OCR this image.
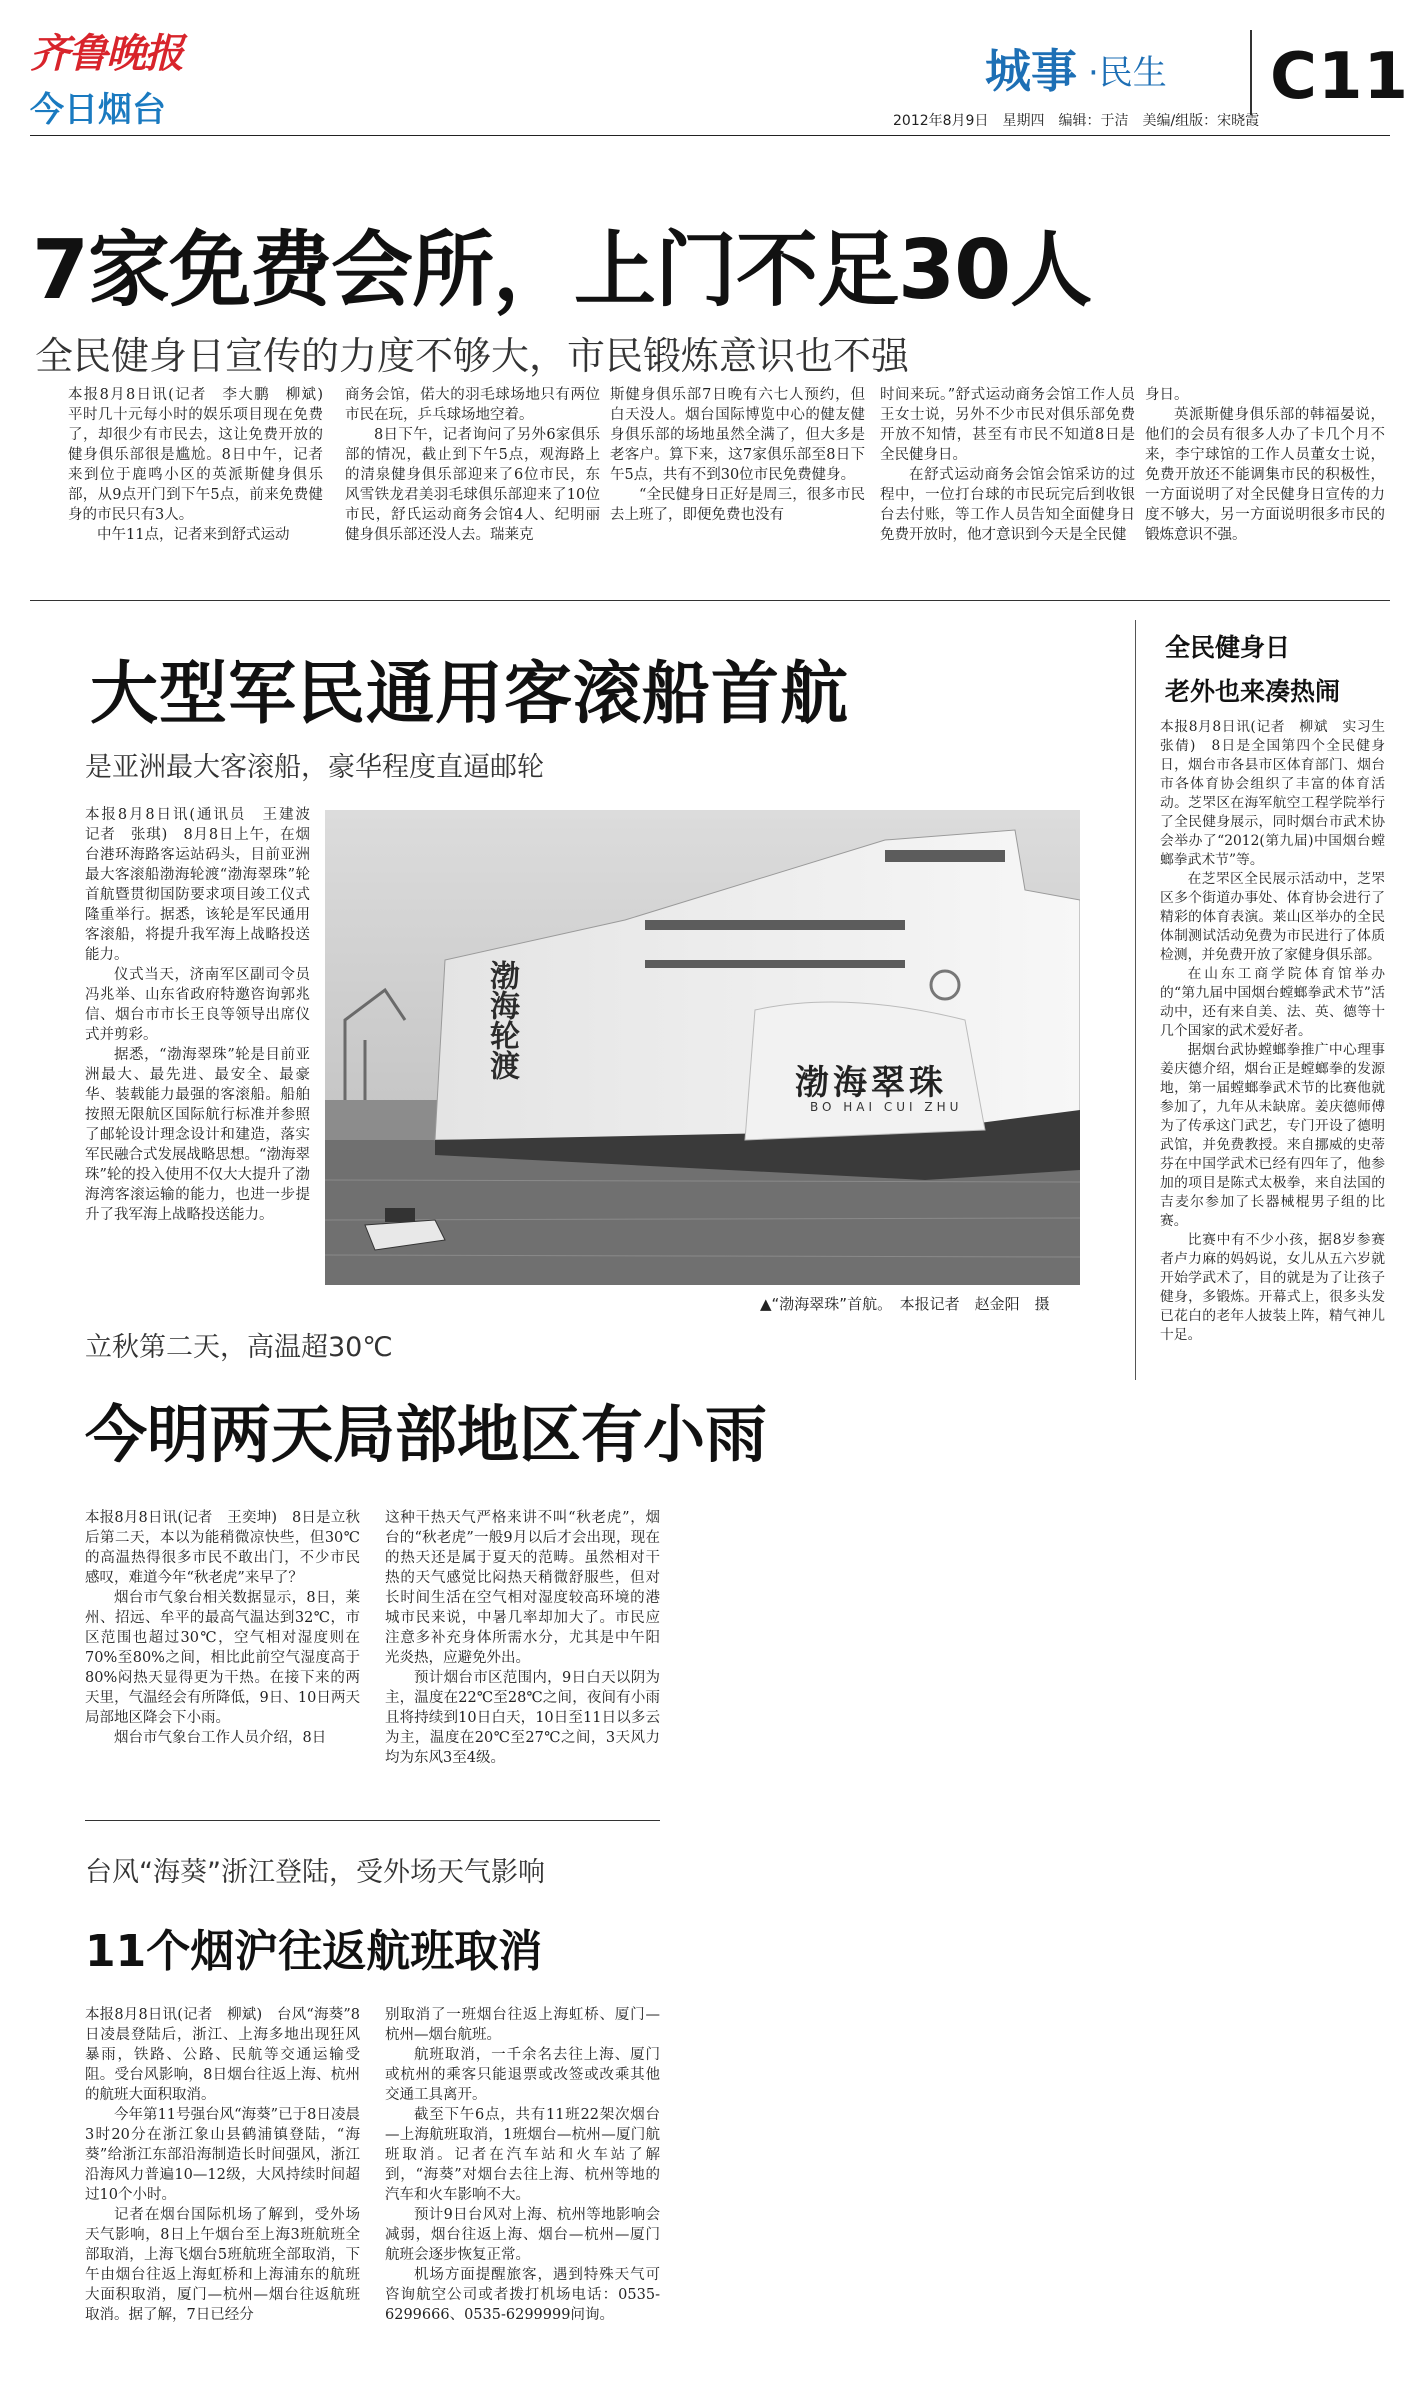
齐鲁晚报
今日烟台
城事 ·民生 C11
2012年8月9日　星期四　编辑：于洁　美编/组版：宋晓霞
7家免费会所，上门不足30人
全民健身日宣传的力度不够大，市民锻炼意识也不强

本报8月8日讯(记者　李大鹏　柳斌)　平时几十元每小时的娱乐项目现在免费了，却很少有市民去，这让免费开放的健身俱乐部很是尴尬。8日中午，记者来到位于鹿鸣小区的英派斯健身俱乐部，从9点开门到下午5点，前来免费健身的市民只有3人。

中午11点，记者来到舒式运动

商务会馆，偌大的羽毛球场地只有两位市民在玩，乒乓球场地空着。

8日下午，记者询问了另外6家俱乐部的情况，截止到下午5点，观海路上的清泉健身俱乐部迎来了6位市民，东风雪铁龙君美羽毛球俱乐部迎来了10位市民，舒氏运动商务会馆4人、纪明丽健身俱乐部还没人去。瑞莱克

斯健身俱乐部7日晚有六七人预约，但白天没人。烟台国际博览中心的健友健身俱乐部的场地虽然全满了，但大多是老客户。算下来，这7家俱乐部至8日下午5点，共有不到30位市民免费健身。

“全民健身日正好是周三，很多市民去上班了，即便免费也没有

时间来玩。”舒式运动商务会馆工作人员王女士说，另外不少市民对俱乐部免费开放不知情，甚至有市民不知道8日是全民健身日。

在舒式运动商务会馆会馆采访的过程中，一位打台球的市民玩完后到收银台去付账，等工作人员告知全面健身日免费开放时，他才意识到今天是全民健

身日。

英派斯健身俱乐部的韩福晏说，他们的会员有很多人办了卡几个月不来，李宁球馆的工作人员董女士说，免费开放还不能调集市民的积极性，一方面说明了对全民健身日宣传的力度不够大，另一方面说明很多市民的锻炼意识不强。

大型军民通用客滚船首航
是亚洲最大客滚船，豪华程度直逼邮轮

本报8月8日讯(通讯员　王建波　记者　张琪)　8月8日上午，在烟台港环海路客运站码头，目前亚洲最大客滚船渤海轮渡“渤海翠珠”轮首航暨贯彻国防要求项目竣工仪式隆重举行。据悉，该轮是军民通用客滚船，将提升我军海上战略投送能力。

仪式当天，济南军区副司令员冯兆举、山东省政府特邀咨询郭兆信、烟台市市长王良等领导出席仪式并剪彩。

据悉，“渤海翠珠”轮是目前亚洲最大、最先进、最安全、最豪华、装载能力最强的客滚船。船舶按照无限航区国际航行标准并参照了邮轮设计理念设计和建造，落实军民融合式发展战略思想。“渤海翠珠”轮的投入使用不仅大大提升了渤海湾客滚运输的能力，也进一步提升了我军海上战略投送能力。

渤海翠珠
BO HAI CUI ZHU
渤海轮渡
▲“渤海翠珠”首航。　本报记者　赵金阳　摄
立秋第二天，高温超30℃
今明两天局部地区有小雨

本报8月8日讯(记者　王奕坤)　8日是立秋后第二天，本以为能稍微凉快些，但30℃的高温热得很多市民不敢出门，不少市民感叹，难道今年“秋老虎”来早了？

烟台市气象台相关数据显示，8日，莱州、招远、牟平的最高气温达到32℃，市区范围也超过30℃，空气相对湿度则在70%至80%之间，相比此前空气湿度高于80%闷热天显得更为干热。在接下来的两天里，气温经会有所降低，9日、10日两天局部地区降会下小雨。

烟台市气象台工作人员介绍，8日

这种干热天气严格来讲不叫“秋老虎”，烟台的“秋老虎”一般9月以后才会出现，现在的热天还是属于夏天的范畴。虽然相对干热的天气感觉比闷热天稍微舒服些，但对长时间生活在空气相对湿度较高环境的港城市民来说，中暑几率却加大了。市民应注意多补充身体所需水分，尤其是中午阳光炎热，应避免外出。

预计烟台市区范围内，9日白天以阴为主，温度在22℃至28℃之间，夜间有小雨且将持续到10日白天，10日至11日以多云为主，温度在20℃至27℃之间，3天风力均为东风3至4级。

台风“海葵”浙江登陆，受外场天气影响
11个烟沪往返航班取消

本报8月8日讯(记者　柳斌)　台风“海葵”8日凌晨登陆后，浙江、上海多地出现狂风暴雨，铁路、公路、民航等交通运输受阻。受台风影响，8日烟台往返上海、杭州的航班大面积取消。

今年第11号强台风“海葵”已于8日凌晨3时20分在浙江象山县鹤浦镇登陆，“海葵”给浙江东部沿海制造长时间强风，浙江沿海风力普遍10—12级，大风持续时间超过10个小时。

记者在烟台国际机场了解到，受外场天气影响，8日上午烟台至上海3班航班全部取消，上海飞烟台5班航班全部取消，下午由烟台往返上海虹桥和上海浦东的航班大面积取消，厦门—杭州—烟台往返航班取消。据了解，7日已经分

别取消了一班烟台往返上海虹桥、厦门—杭州—烟台航班。

航班取消，一千余名去往上海、厦门或杭州的乘客只能退票或改签或改乘其他交通工具离开。

截至下午6点，共有11班22架次烟台—上海航班取消，1班烟台—杭州—厦门航班取消。记者在汽车站和火车站了解到，“海葵”对烟台去往上海、杭州等地的汽车和火车影响不大。

预计9日台风对上海、杭州等地影响会减弱，烟台往返上海、烟台—杭州—厦门航班会逐步恢复正常。

机场方面提醒旅客，遇到特殊天气可咨询航空公司或者拨打机场电话：0535-6299666、0535-6299999问询。

全民健身日
老外也来凑热闹

本报8月8日讯(记者　柳斌　实习生　张倩)　8日是全国第四个全民健身日，烟台市各县市区体育部门、烟台市各体育协会组织了丰富的体育活动。芝罘区在海军航空工程学院举行了全民健身展示，同时烟台市武术协会举办了“2012(第九届)中国烟台螳螂拳武术节”等。

在芝罘区全民展示活动中，芝罘区多个街道办事处、体育协会进行了精彩的体育表演。莱山区举办的全民体制测试活动免费为市民进行了体质检测，并免费开放了家健身俱乐部。

在山东工商学院体育馆举办的“第九届中国烟台螳螂拳武术节”活动中，还有来自美、法、英、德等十几个国家的武术爱好者。

据烟台武协螳螂拳推广中心理事姜庆德介绍，烟台正是螳螂拳的发源地，第一届螳螂拳武术节的比赛他就参加了，九年从未缺席。姜庆德师傅为了传承这门武艺，专门开设了德明武馆，并免费教授。来自挪威的史蒂芬在中国学武术已经有四年了，他参加的项目是陈式太极拳，来自法国的吉麦尔参加了长器械棍男子组的比赛。

比赛中有不少小孩，据8岁参赛者卢力麻的妈妈说，女儿从五六岁就开始学武术了，目的就是为了让孩子健身，多锻炼。开幕式上，很多头发已花白的老年人披装上阵，精气神儿十足。
